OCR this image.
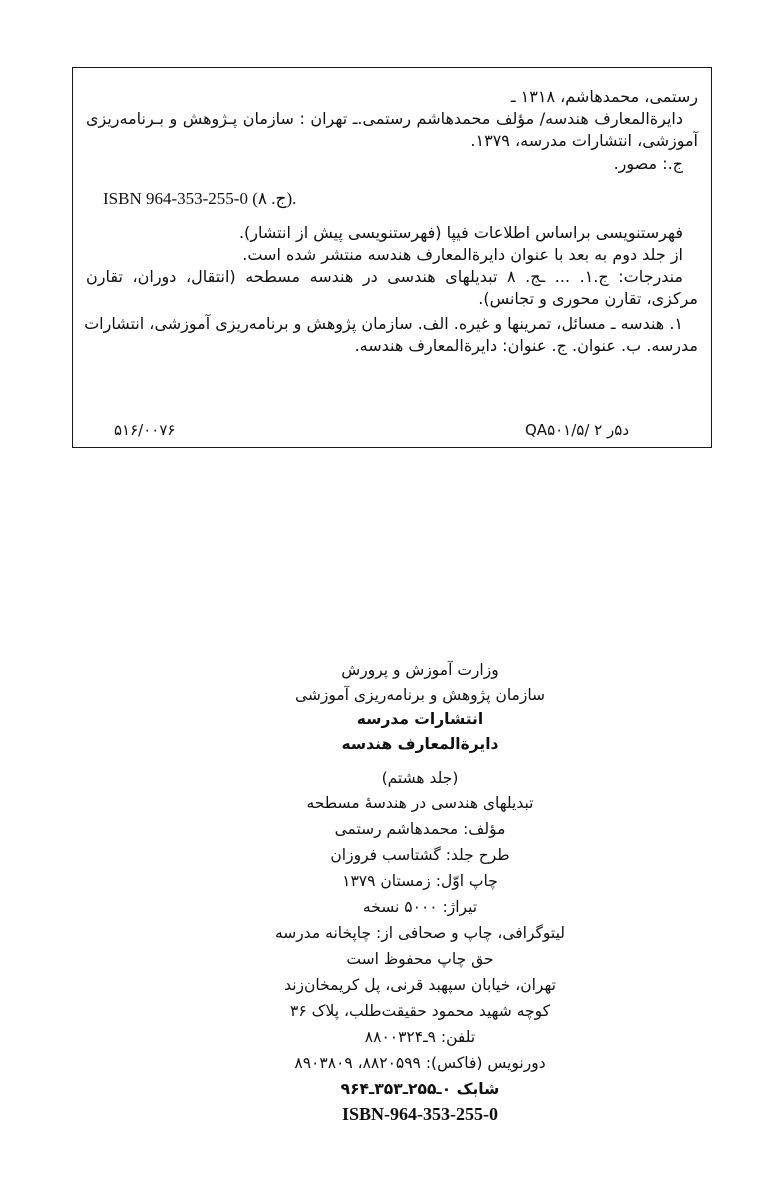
رستمی، محمدهاشم، ۱۳۱۸ ـ
دایرةالمعارف هندسه/ مؤلف محمدهاشم رستمی.ـ تهران : سازمان پـژوهش و بـرنامه‌ریزی
آموزشی، انتشارات مدرسه، ۱۳۷۹.
ج.: مصور.
ISBN 964-353-255-0 (ج. ۸).
فهرستنویسی براساس اطلاعات فیپا (فهرستنویسی پیش از انتشار).
از جلد دوم به بعد با عنوان دایرةالمعارف هندسه منتشر شده است.
مندرجات: ج.۱. ... ـج. ۸ تبدیلهای هندسی در هندسه مسطحه (انتقال، دوران، تقارن
مرکزی، تقارن محوری و تجانس).
۱. هندسه ـ مسائل، تمرینها و غیره. الف. سازمان پژوهش و برنامه‌ریزی آموزشی، انتشارات
مدرسه. ب. عنوان. ج. عنوان: دایرةالمعارف هندسه.
۵۱۶/۰۰۷۶	QA۵۰۱/۵/ د۵ر ۲
وزارت آموزش و پرورش
سازمان پژوهش و برنامه‌ریزی آموزشی
انتشارات مدرسه
دایرةالمعارف هندسه
(جلد هشتم)
تبدیلهای هندسی در هندسهٔ مسطحه
مؤلف: محمدهاشم رستمی
طرح جلد: گشتاسب فروزان
چاپ اوّل: زمستان ۱۳۷۹
تیراژ: ۵۰۰۰ نسخه
لیتوگرافی، چاپ و صحافی از: چاپخانه مدرسه
حق چاپ محفوظ است
تهران، خیابان سپهبد قرنی، پل کریمخان‌زند
کوچه شهید محمود حقیقت‌طلب، پلاک ۳۶
تلفن: ۹ـ۸۸۰۰۳۲۴
دورنویس (فاکس): ۸۸۲۰۵۹۹، ۸۹۰۳۸۰۹
شابک ۰ـ۲۵۵ـ۳۵۳ـ۹۶۴
ISBN-964-353-255-0
